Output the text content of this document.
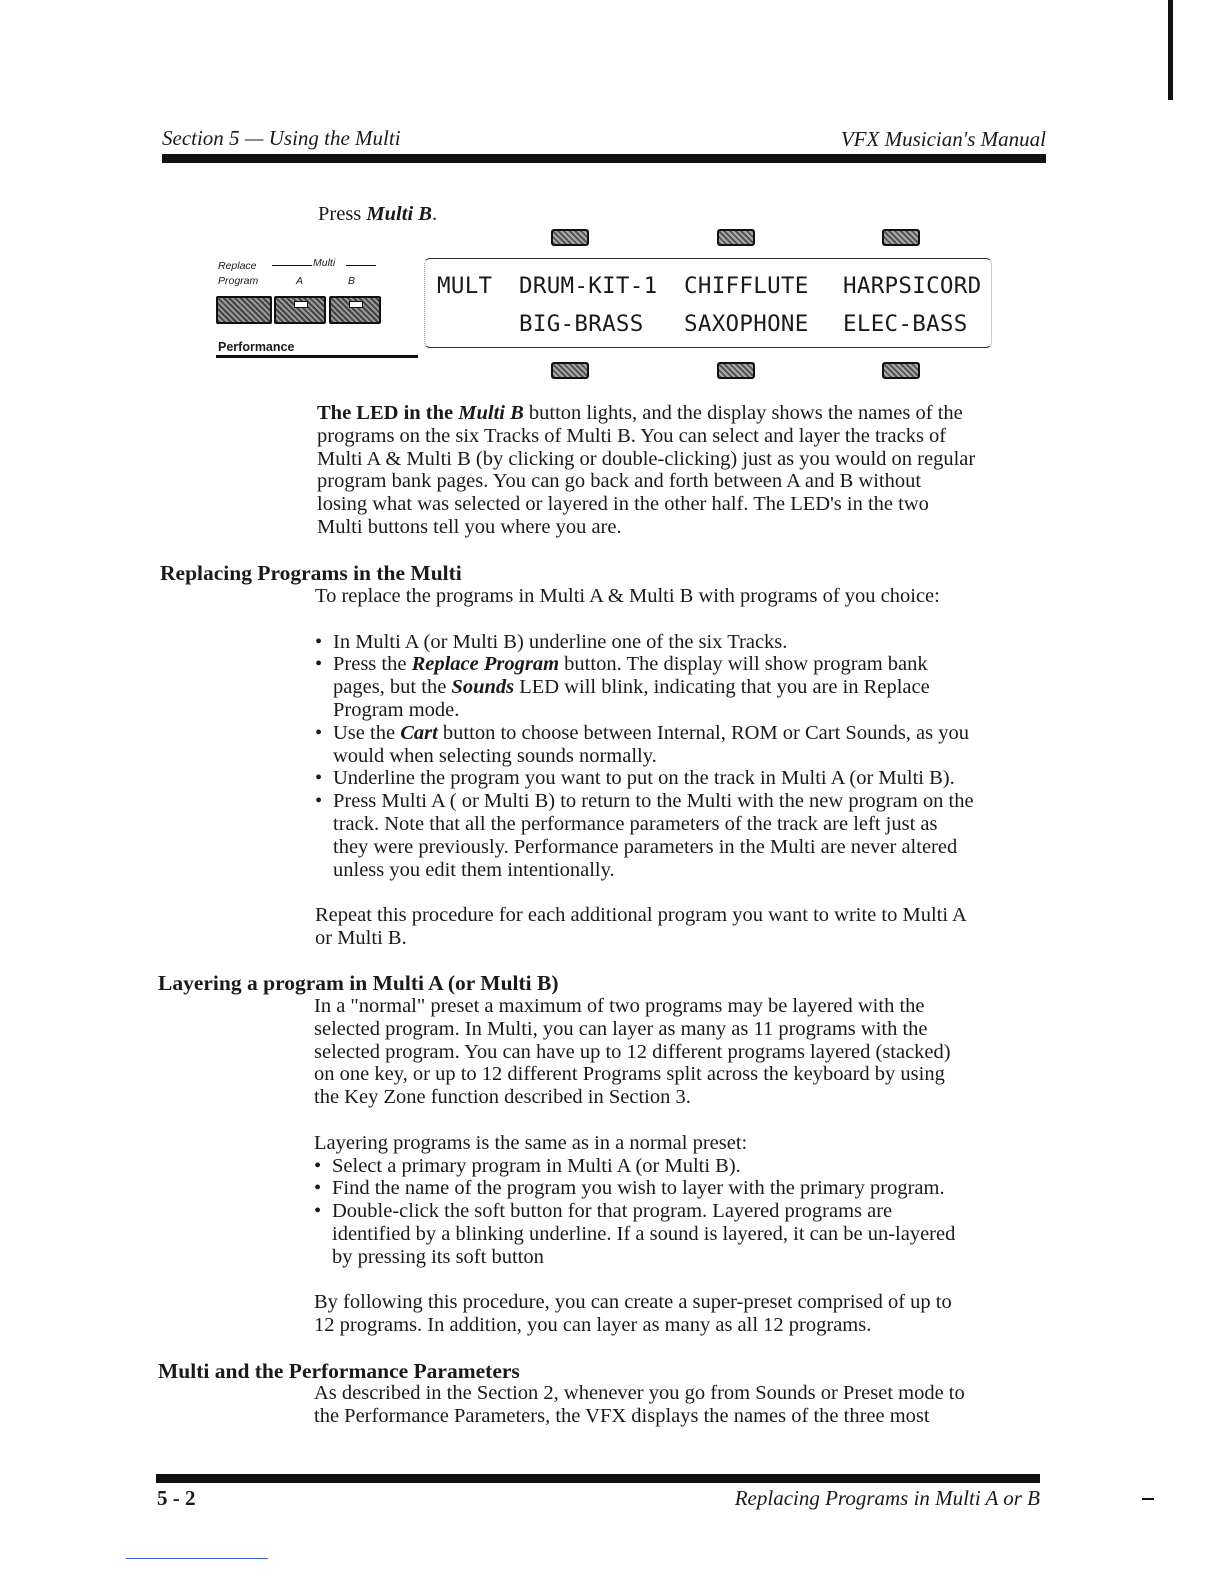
Section 5 — Using the Multi	VFX Musician's Manual
Press Multi B.
Replace	Multi
Program	A	B
Performance
MULT DRUM-KIT-1 CHIFFLUTE HARPSICORD
BIG-BRASS SAXOPHONE ELEC-BASS
The LED in the Multi B button lights, and the display shows the names of the
programs on the six Tracks of Multi B. You can select and layer the tracks of
Multi A & Multi B (by clicking or double-clicking) just as you would on regular
program bank pages. You can go back and forth between A and B without
losing what was selected or layered in the other half. The LED's in the two
Multi buttons tell you where you are.
Replacing Programs in the Multi
To replace the programs in Multi A & Multi B with programs of you choice:
• In Multi A (or Multi B) underline one of the six Tracks.
• Press the Replace Program button. The display will show program bank
pages, but the Sounds LED will blink, indicating that you are in Replace
Program mode.
• Use the Cart button to choose between Internal, ROM or Cart Sounds, as you
would when selecting sounds normally.
• Underline the program you want to put on the track in Multi A (or Multi B).
• Press Multi A ( or Multi B) to return to the Multi with the new program on the
track. Note that all the performance parameters of the track are left just as
they were previously. Performance parameters in the Multi are never altered
unless you edit them intentionally.
Repeat this procedure for each additional program you want to write to Multi A
or Multi B.
Layering a program in Multi A (or Multi B)
In a "normal" preset a maximum of two programs may be layered with the
selected program. In Multi, you can layer as many as 11 programs with the
selected program. You can have up to 12 different programs layered (stacked)
on one key, or up to 12 different Programs split across the keyboard by using
the Key Zone function described in Section 3.
Layering programs is the same as in a normal preset:
• Select a primary program in Multi A (or Multi B).
• Find the name of the program you wish to layer with the primary program.
• Double-click the soft button for that program. Layered programs are
identified by a blinking underline. If a sound is layered, it can be un-layered
by pressing its soft button
By following this procedure, you can create a super-preset comprised of up to
12 programs. In addition, you can layer as many as all 12 programs.
Multi and the Performance Parameters
As described in the Section 2, whenever you go from Sounds or Preset mode to
the Performance Parameters, the VFX displays the names of the three most
5 - 2	Replacing Programs in Multi A or B
